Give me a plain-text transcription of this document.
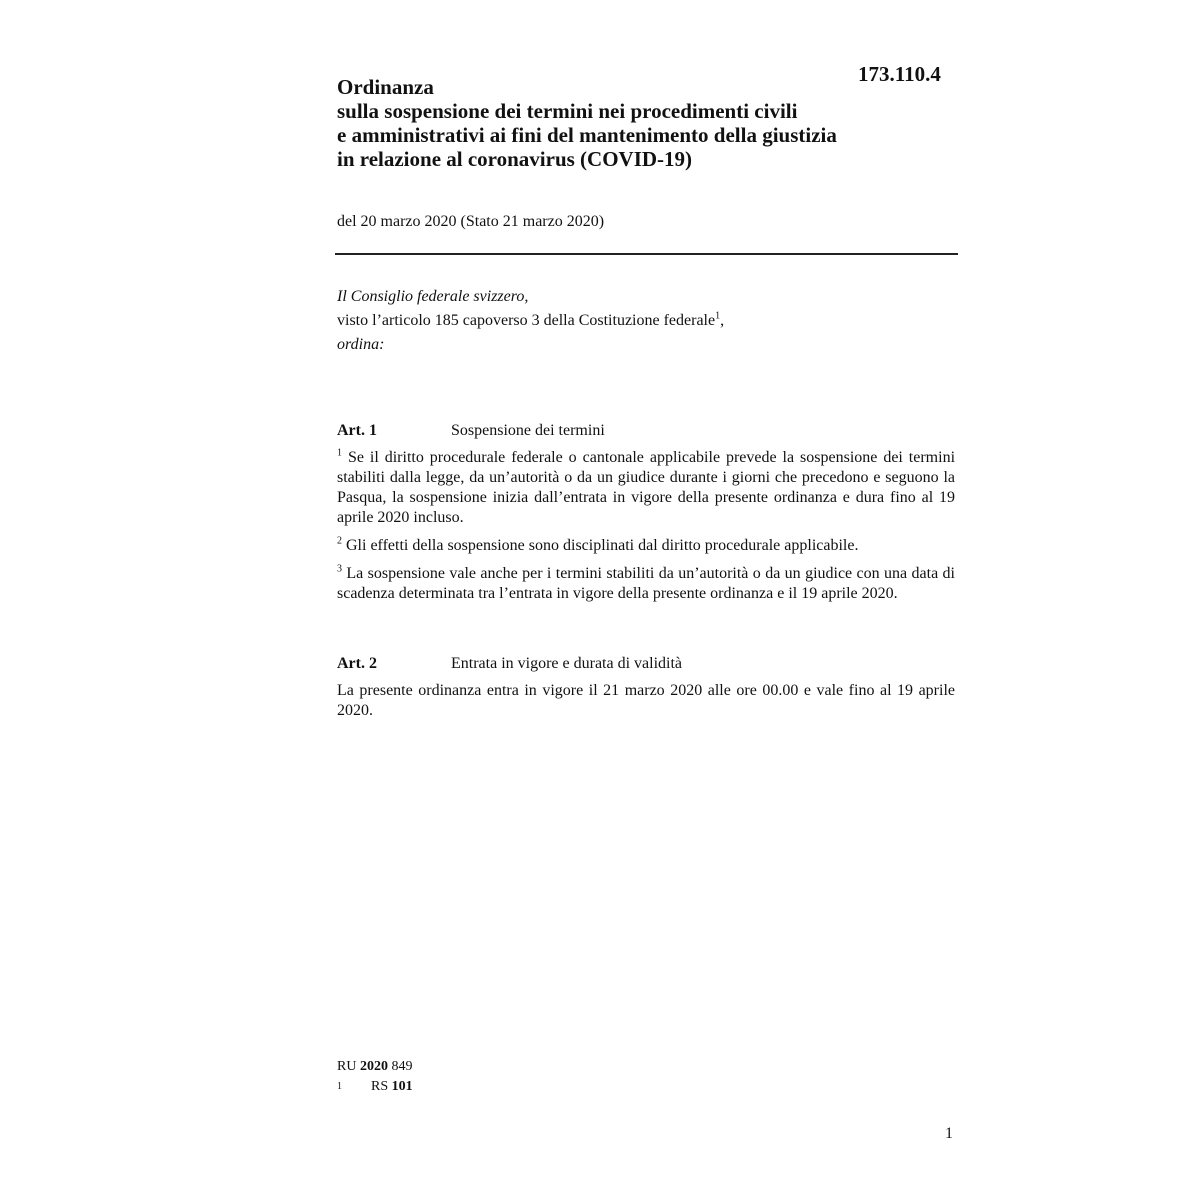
173.110.4
Ordinanza
sulla sospensione dei termini nei procedimenti civili
e amministrativi ai fini del mantenimento della giustizia
in relazione al coronavirus (COVID-19)
del 20 marzo 2020 (Stato 21 marzo 2020)
Il Consiglio federale svizzero,
visto l’articolo 185 capoverso 3 della Costituzione federale$^1$,
ordina:
Art. 1	Sospensione dei termini
$^1$ Se il diritto procedurale federale o cantonale applicabile prevede la sospensione dei termini stabiliti dalla legge, da un’autorità o da un giudice durante i giorni che precedono e seguono la Pasqua, la sospensione inizia dall’entrata in vigore della presente ordinanza e dura fino al 19 aprile 2020 incluso.
$^2$ Gli effetti della sospensione sono disciplinati dal diritto procedurale applicabile.
$^3$ La sospensione vale anche per i termini stabiliti da un’autorità o da un giudice con una data di scadenza determinata tra l’entrata in vigore della presente ordinanza e il 19 aprile 2020.
Art. 2	Entrata in vigore e durata di validità
La presente ordinanza entra in vigore il 21 marzo 2020 alle ore 00.00 e vale fino al 19 aprile 2020.
RU 2020 849
1 RS 101
1
